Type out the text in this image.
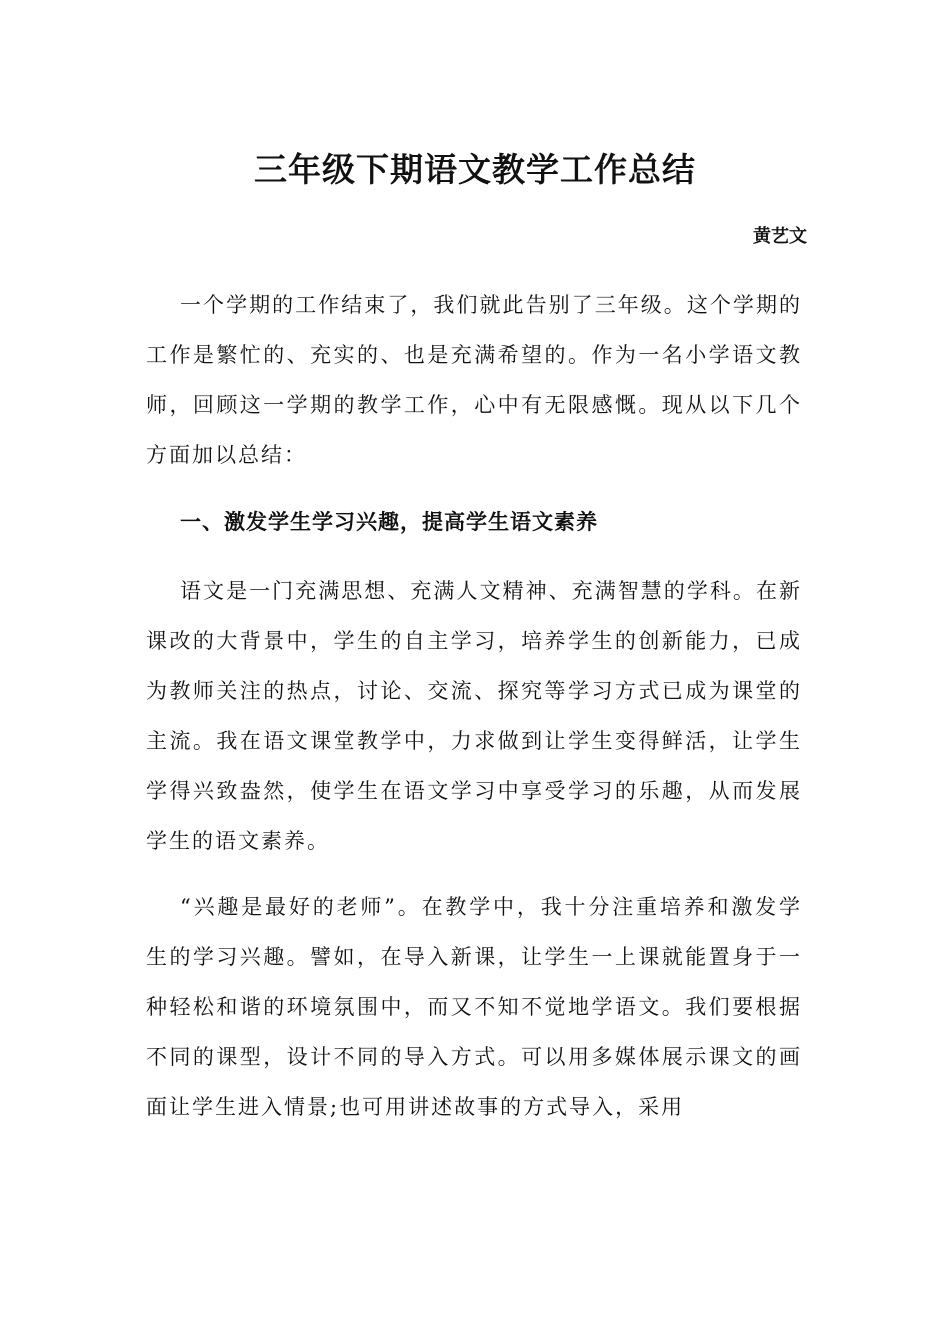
三年级下期语文教学工作总结

黄艺文

一个学期的工作结束了，我们就此告别了三年级。这个学期的工作是繁忙的、充实的、也是充满希望的。作为一名小学语文教师，回顾这一学期的教学工作，心中有无限感慨。现从以下几个方面加以总结：

一、激发学生学习兴趣，提高学生语文素养

语文是一门充满思想、充满人文精神、充满智慧的学科。在新课改的大背景中，学生的自主学习，培养学生的创新能力，已成为教师关注的热点，讨论、交流、探究等学习方式已成为课堂的主流。我在语文课堂教学中，力求做到让学生变得鲜活，让学生学得兴致盎然，使学生在语文学习中享受学习的乐趣，从而发展学生的语文素养。

“兴趣是最好的老师”。在教学中，我十分注重培养和激发学生的学习兴趣。譬如，在导入新课，让学生一上课就能置身于一种轻松和谐的环境氛围中，而又不知不觉地学语文。我们要根据不同的课型，设计不同的导入方式。可以用多媒体展示课文的画面让学生进入情景;也可用讲述故事的方式导入，采用
